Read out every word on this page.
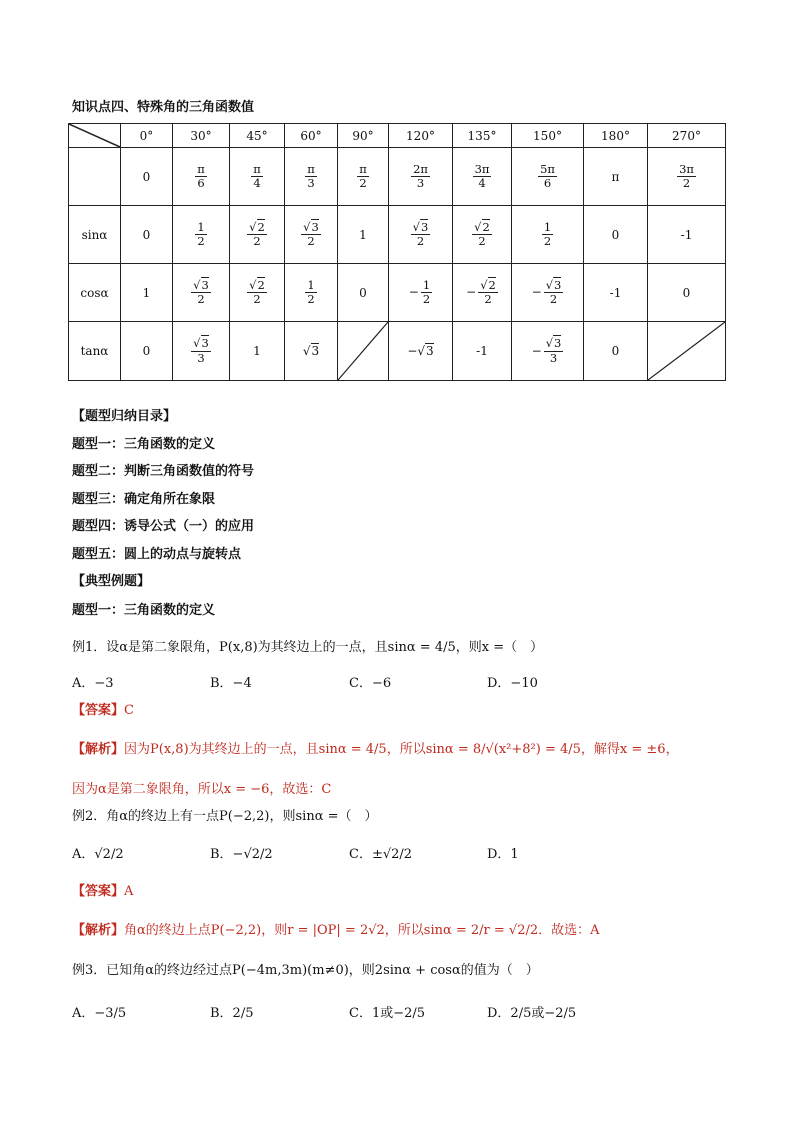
知识点四、特殊角的三角函数值
	0°	30°	45°	60°	90°	120°	135°	150°	180°	270°
	0	$\frac{\pi}{6}$	$\frac{\pi}{4}$	$\frac{\pi}{3}$	$\frac{\pi}{2}$	$\frac{2\pi}{3}$	$\frac{3\pi}{4}$	$\frac{5\pi}{6}$	π	$\frac{3\pi}{2}$

sinα	0	$\frac{1}{2}$	$\frac{√2}{2}$	$\frac{√3}{2}$	1	$\frac{√3}{2}$	$\frac{√2}{2}$	$\frac{1}{2}$	0	-1
cosα	1	$\frac{√3}{2}$	$\frac{√2}{2}$	$\frac{1}{2}$	0	− $\frac{1}{2}$	− $\frac{√2}{2}$	− $\frac{√3}{2}$	-1	0
tanα	0	$\frac{√3}{3}$	1	√3		−√3	-1	− $\frac{√3}{3}$	0	
【题型归纳目录】
题型一：三角函数的定义
题型二：判断三角函数值的符号
题型三：确定角所在象限
题型四：诱导公式（一）的应用
题型五：圆上的动点与旋转点
【典型例题】
题型一：三角函数的定义
例1．设α是第二象限角，P(x,8)为其终边上的一点，且sinα = 4/5，则x =（　）
A．−3	B．−4	C．−6	D．−10
【答案】C
【解析】因为P(x,8)为其终边上的一点，且sinα = 4/5，所以sinα = 8/√(x²+8²) = 4/5，解得x = ±6，
因为α是第二象限角，所以x = −6，故选：C
例2．角α的终边上有一点P(−2,2)，则sinα =（　）
A．√2/2	B．−√2/2	C．±√2/2	D．1
【答案】A
【解析】角α的终边上点P(−2,2)，则r = |OP| = 2√2，所以sinα = 2/r = √2/2．故选：A
例3．已知角α的终边经过点P(−4m,3m)(m≠0)，则2sinα + cosα的值为（　）
A．−3/5	B．2/5	C．1或−2/5	D．2/5或−2/5
